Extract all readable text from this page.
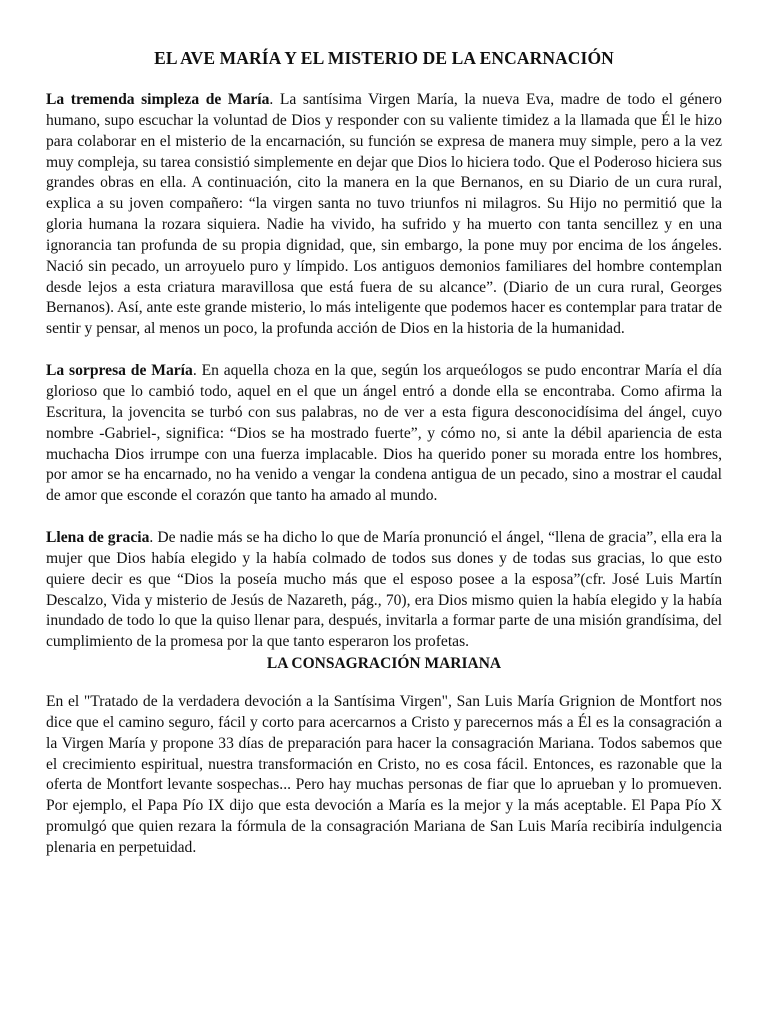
EL AVE MARÍA Y EL MISTERIO DE LA ENCARNACIÓN

La tremenda simpleza de María. La santísima Virgen María, la nueva Eva, madre de todo el género humano, supo escuchar la voluntad de Dios y responder con su valiente timidez a la llamada que Él le hizo para colaborar en el misterio de la encarnación, su función se expresa de manera muy simple, pero a la vez muy compleja, su tarea consistió simplemente en dejar que Dios lo hiciera todo. Que el Poderoso hiciera sus grandes obras en ella. A continuación, cito la manera en la que Bernanos, en su Diario de un cura rural, explica a su joven compañero: “la virgen santa no tuvo triunfos ni milagros. Su Hijo no permitió que la gloria humana la rozara siquiera. Nadie ha vivido, ha sufrido y ha muerto con tanta sencillez y en una ignorancia tan profunda de su propia dignidad, que, sin embargo, la pone muy por encima de los ángeles. Nació sin pecado, un arroyuelo puro y límpido. Los antiguos demonios familiares del hombre contemplan desde lejos a esta criatura maravillosa que está fuera de su alcance”. (Diario de un cura rural, Georges Bernanos). Así, ante este grande misterio, lo más inteligente que podemos hacer es contemplar para tratar de sentir y pensar, al menos un poco, la profunda acción de Dios en la historia de la humanidad.

La sorpresa de María. En aquella choza en la que, según los arqueólogos se pudo encontrar María el día glorioso que lo cambió todo, aquel en el que un ángel entró a donde ella se encontraba. Como afirma la Escritura, la jovencita se turbó con sus palabras, no de ver a esta figura desconocidísima del ángel, cuyo nombre -Gabriel-, significa: “Dios se ha mostrado fuerte”, y cómo no, si ante la débil apariencia de esta muchacha Dios irrumpe con una fuerza implacable. Dios ha querido poner su morada entre los hombres, por amor se ha encarnado, no ha venido a vengar la condena antigua de un pecado, sino a mostrar el caudal de amor que esconde el corazón que tanto ha amado al mundo.

Llena de gracia. De nadie más se ha dicho lo que de María pronunció el ángel, “llena de gracia”, ella era la mujer que Dios había elegido y la había colmado de todos sus dones y de todas sus gracias, lo que esto quiere decir es que “Dios la poseía mucho más que el esposo posee a la esposa”(cfr. José Luis Martín Descalzo, Vida y misterio de Jesús de Nazareth, pág., 70), era Dios mismo quien la había elegido y la había inundado de todo lo que la quiso llenar para, después, invitarla a formar parte de una misión grandísima, del cumplimiento de la promesa por la que tanto esperaron los profetas.

LA CONSAGRACIÓN MARIANA

En el "Tratado de la verdadera devoción a la Santísima Virgen", San Luis María Grignion de Montfort nos dice que el camino seguro, fácil y corto para acercarnos a Cristo y parecernos más a Él es la consagración a la Virgen María y propone 33 días de preparación para hacer la consagración Mariana. Todos sabemos que el crecimiento espiritual, nuestra transformación en Cristo, no es cosa fácil. Entonces, es razonable que la oferta de Montfort levante sospechas... Pero hay muchas personas de fiar que lo aprueban y lo promueven. Por ejemplo, el Papa Pío IX dijo que esta devoción a María es la mejor y la más aceptable. El Papa Pío X promulgó que quien rezara la fórmula de la consagración Mariana de San Luis María recibiría indulgencia plenaria en perpetuidad.
